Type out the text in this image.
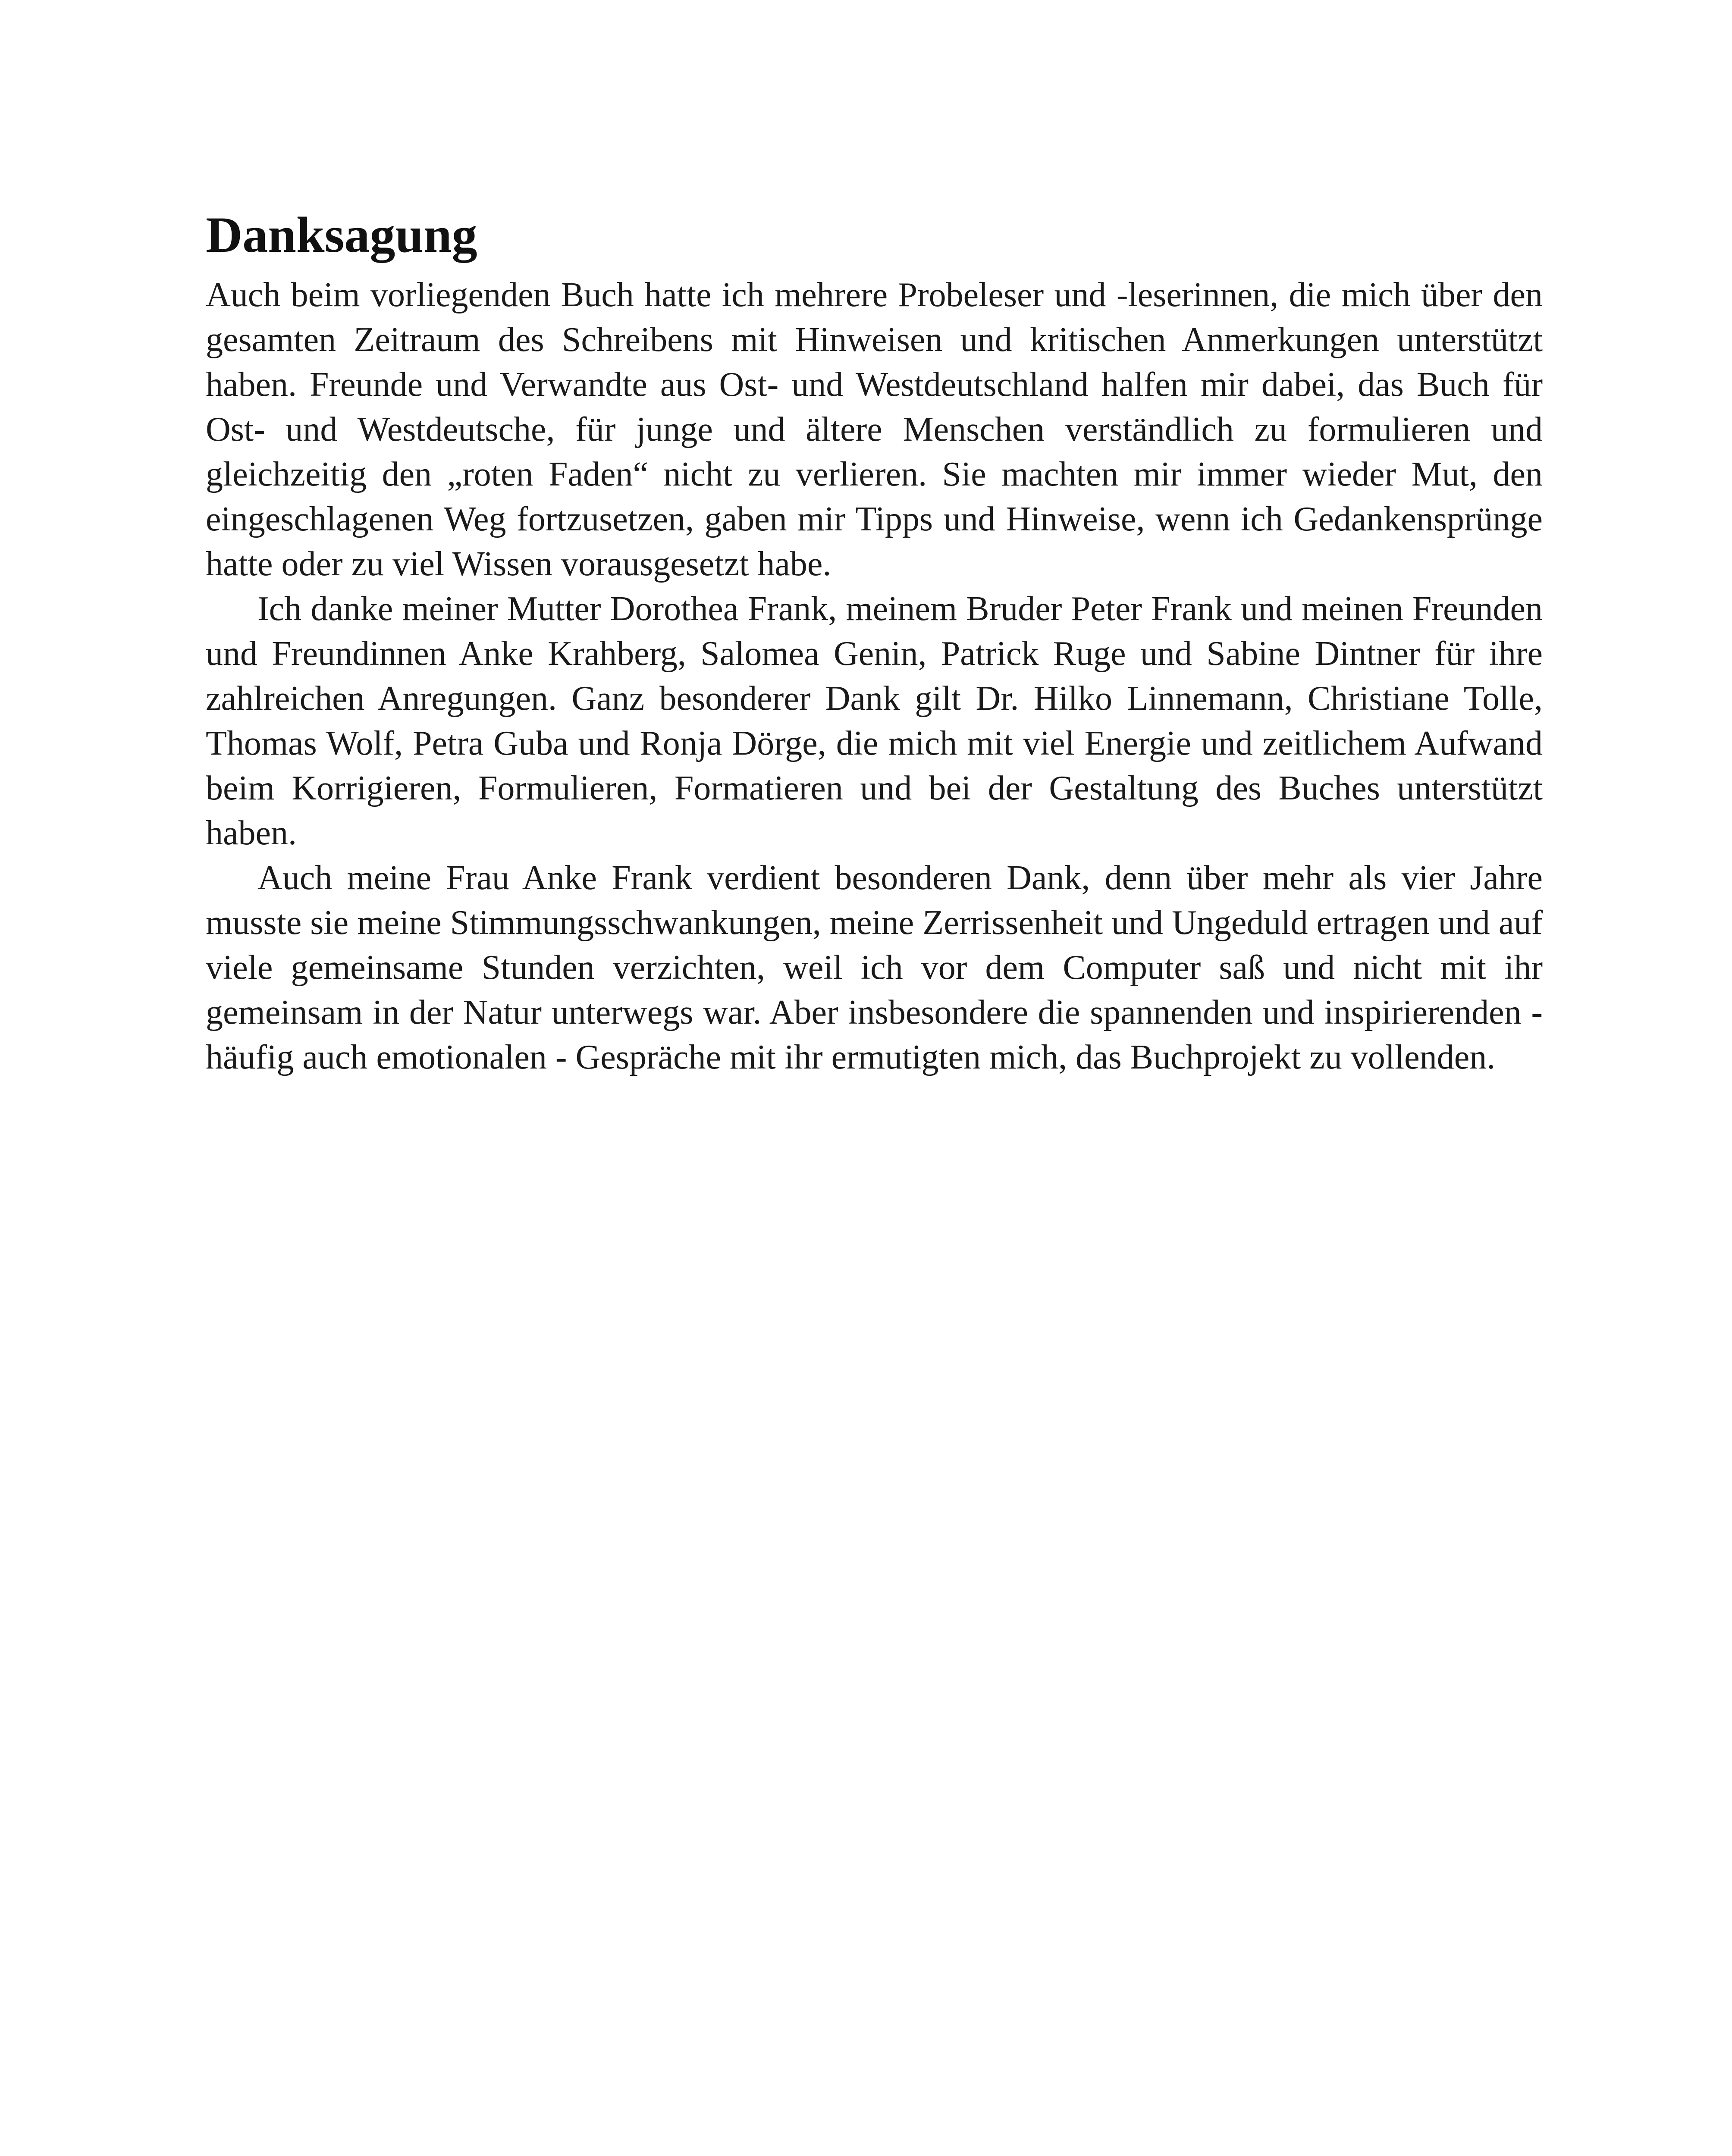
Danksagung

Auch beim vorliegenden Buch hatte ich mehrere Probeleser und -leserinnen, die mich über den gesamten Zeitraum des Schreibens mit Hinweisen und kritischen Anmerkungen unterstützt haben. Freunde und Verwandte aus Ost- und Westdeutschland halfen mir dabei, das Buch für Ost- und Westdeutsche, für junge und ältere Menschen verständlich zu formulieren und gleichzeitig den „roten Faden“ nicht zu verlieren. Sie machten mir immer wieder Mut, den eingeschlagenen Weg fortzusetzen, gaben mir Tipps und Hinweise, wenn ich Gedankensprünge hatte oder zu viel Wissen vorausgesetzt habe.

Ich danke meiner Mutter Dorothea Frank, meinem Bruder Peter Frank und meinen Freunden und Freundinnen Anke Krahberg, Salomea Genin, Patrick Ruge und Sabine Dintner für ihre zahlreichen Anregungen. Ganz besonderer Dank gilt Dr. Hilko Linnemann, Christiane Tolle, Thomas Wolf, Petra Guba und Ronja Dörge, die mich mit viel Energie und zeitlichem Aufwand beim Korrigieren, Formulieren, Formatieren und bei der Gestaltung des Buches unterstützt haben.

Auch meine Frau Anke Frank verdient besonderen Dank, denn über mehr als vier Jahre musste sie meine Stimmungsschwankungen, meine Zerrissenheit und Ungeduld ertragen und auf viele gemeinsame Stunden verzichten, weil ich vor dem Computer saß und nicht mit ihr gemeinsam in der Natur unterwegs war. Aber insbesondere die spannenden und inspirierenden - häufig auch emotionalen - Gespräche mit ihr ermutigten mich, das Buchprojekt zu vollenden.
